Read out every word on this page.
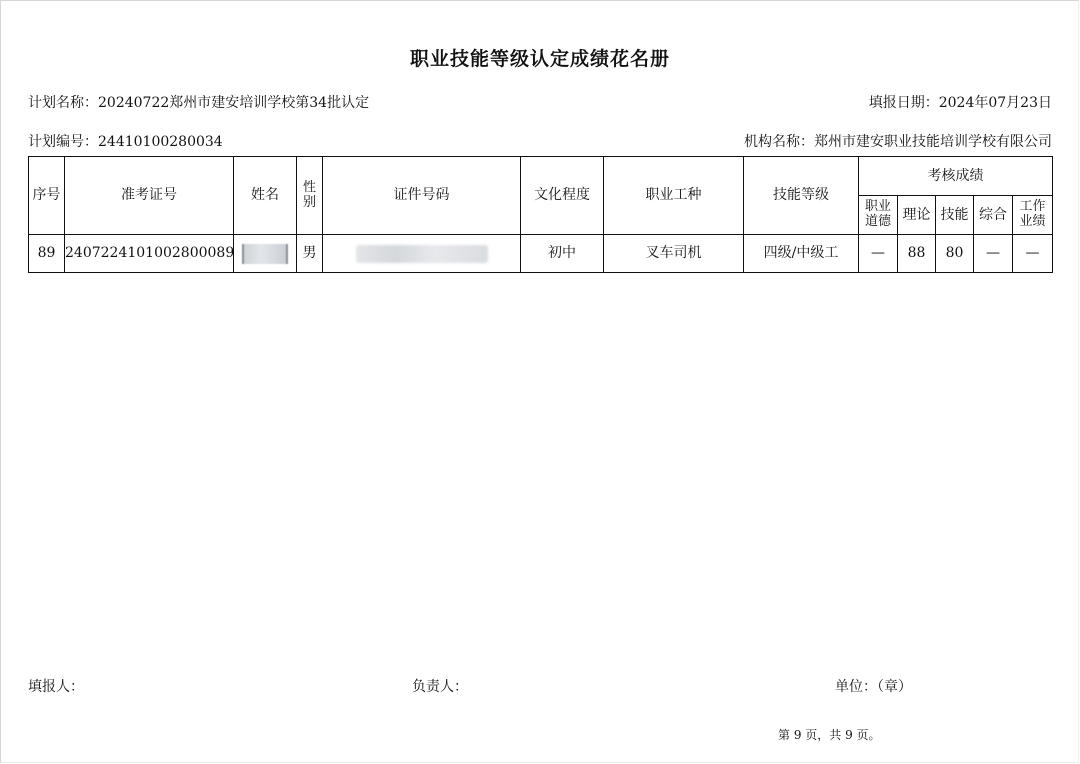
职业技能等级认定成绩花名册
计划名称：20240722郑州市建安培训学校第34批认定	填报日期：2024年07月23日
计划编号：24410100280034	机构名称：郑州市建安职业技能培训学校有限公司
序号	准考证号	姓名	性别	证件号码	文化程度	职业工种	技能等级	考核成绩				
								职业道德	理论	技能	综合	工作业绩
89	2407224101002800089		男		初中	叉车司机	四级/中级工	—	88	80	—	—
填报人：	负责人：	单位：（章）
第 9 页，共 9 页。
